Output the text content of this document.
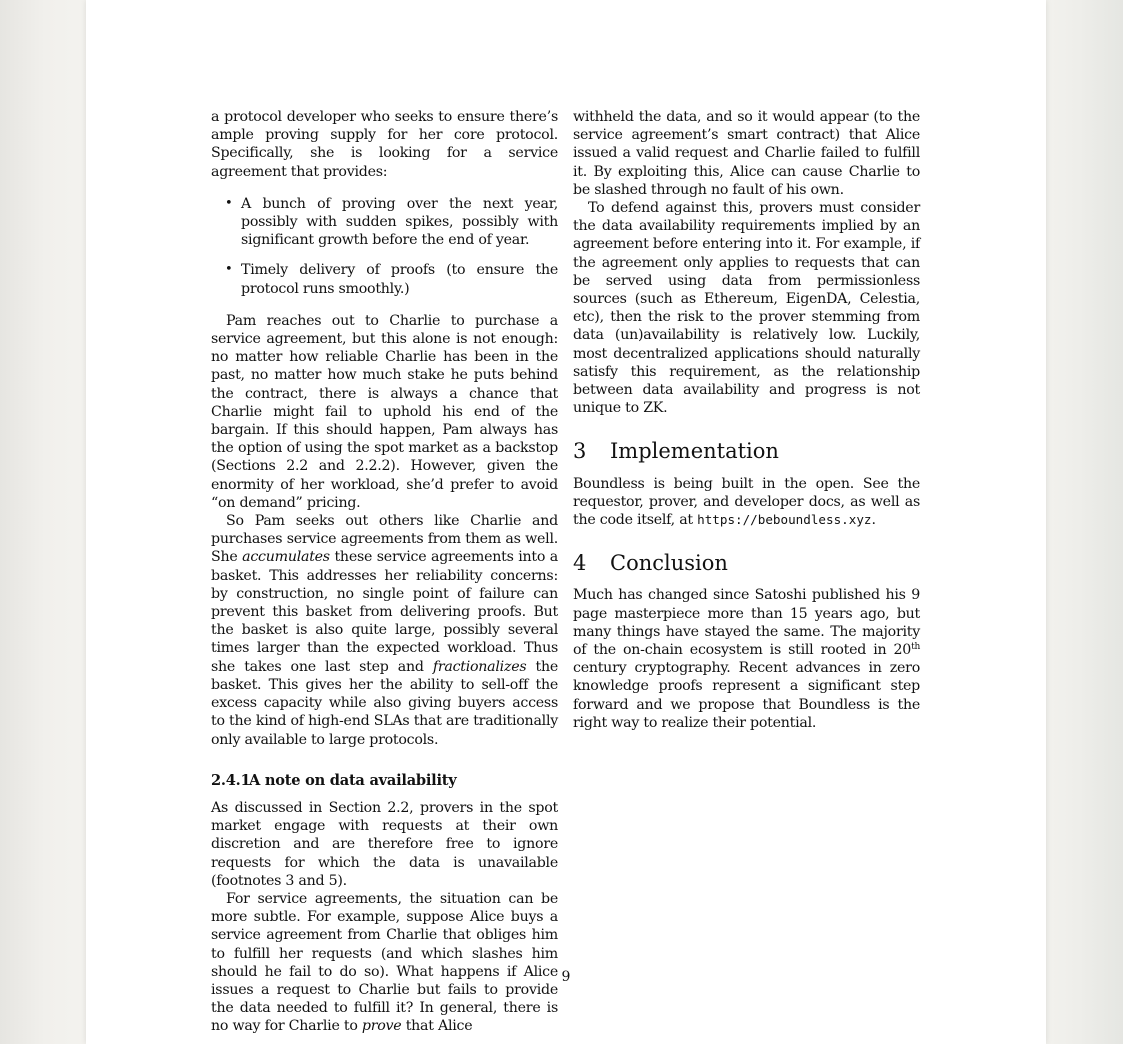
a protocol developer who seeks to ensure there’s ample proving supply for her core protocol. Specifically, she is looking for a service agreement that provides:

• A bunch of proving over the next year, possibly with sudden spikes, possibly with significant growth before the end of year.
• Timely delivery of proofs (to ensure the protocol runs smoothly.)

Pam reaches out to Charlie to purchase a service agreement, but this alone is not enough: no matter how reliable Charlie has been in the past, no matter how much stake he puts behind the contract, there is always a chance that Charlie might fail to uphold his end of the bargain. If this should happen, Pam always has the option of using the spot market as a backstop (Sections 2.2 and 2.2.2). However, given the enormity of her workload, she’d prefer to avoid “on demand” pricing.

So Pam seeks out others like Charlie and purchases service agreements from them as well. She accumulates these service agreements into a basket. This addresses her reliability concerns: by construction, no single point of failure can prevent this basket from delivering proofs. But the basket is also quite large, possibly several times larger than the expected workload. Thus she takes one last step and fractionalizes the basket. This gives her the ability to sell-off the excess capacity while also giving buyers access to the kind of high-end SLAs that are traditionally only available to large protocols.

2.4.1A note on data availability

As discussed in Section 2.2, provers in the spot market engage with requests at their own discretion and are therefore free to ignore requests for which the data is unavailable (footnotes 3 and 5).

For service agreements, the situation can be more subtle. For example, suppose Alice buys a service agreement from Charlie that obliges him to fulfill her requests (and which slashes him should he fail to do so). What happens if Alice issues a request to Charlie but fails to provide the data needed to fulfill it? In general, there is no way for Charlie to prove that Alice

withheld the data, and so it would appear (to the service agreement’s smart contract) that Alice issued a valid request and Charlie failed to fulfill it. By exploiting this, Alice can cause Charlie to be slashed through no fault of his own.

To defend against this, provers must consider the data availability requirements implied by an agreement before entering into it. For example, if the agreement only applies to requests that can be served using data from permissionless sources (such as Ethereum, EigenDA, Celestia, etc), then the risk to the prover stemming from data (un)availability is relatively low. Luckily, most decentralized applications should naturally satisfy this requirement, as the relationship between data availability and progress is not unique to ZK.

3 Implementation

Boundless is being built in the open. See the requestor, prover, and developer docs, as well as the code itself, at https://beboundless.xyz.

4 Conclusion

Much has changed since Satoshi published his 9 page masterpiece more than 15 years ago, but many things have stayed the same. The majority of the on-chain ecosystem is still rooted in 20th century cryptography. Recent advances in zero knowledge proofs represent a significant step forward and we propose that Boundless is the right way to realize their potential.

9
